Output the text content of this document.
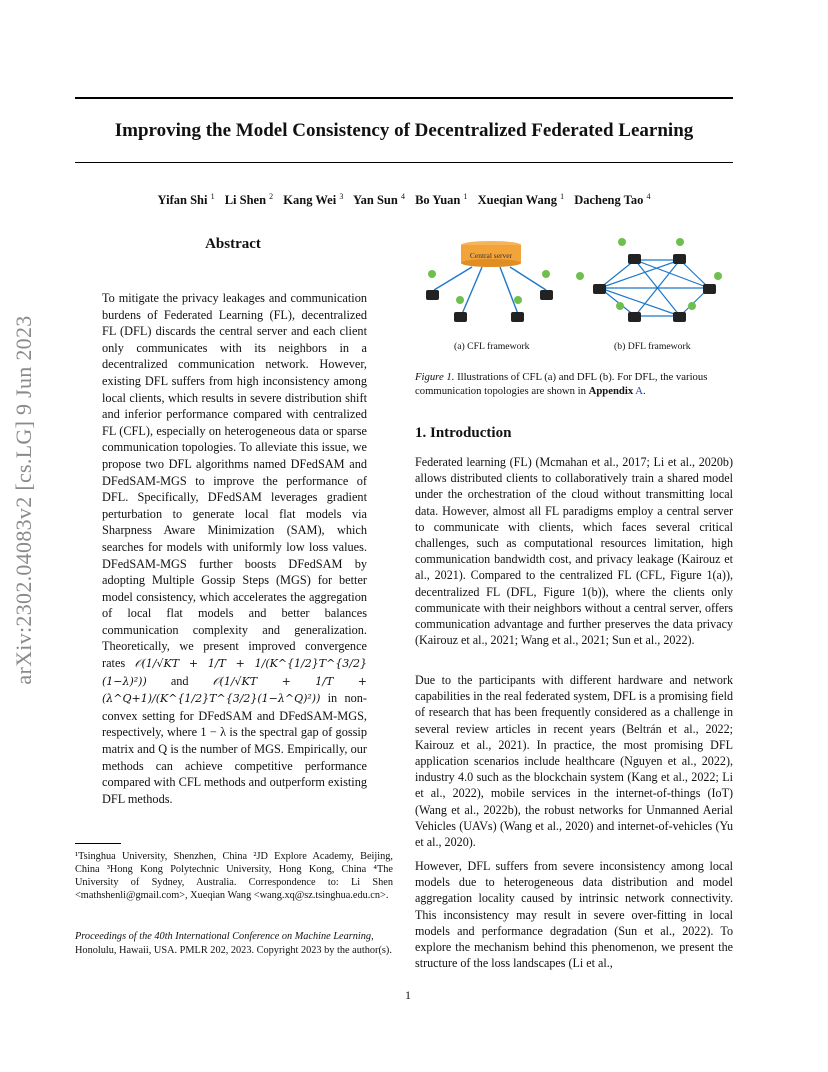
Improving the Model Consistency of Decentralized Federated Learning
Yifan Shi $^1$ Li Shen $^2$ Kang Wei $^3$ Yan Sun $^4$ Bo Yuan $^1$ Xueqian Wang $^1$ Dacheng Tao $^4$
arXiv:2302.04083v2 [cs.LG] 9 Jun 2023
Abstract
To mitigate the privacy leakages and communication burdens of Federated Learning (FL), decentralized FL (DFL) discards the central server and each client only communicates with its neighbors in a decentralized communication network. However, existing DFL suffers from high inconsistency among local clients, which results in severe distribution shift and inferior performance compared with centralized FL (CFL), especially on heterogeneous data or sparse communication topologies. To alleviate this issue, we propose two DFL algorithms named DFedSAM and DFedSAM-MGS to improve the performance of DFL. Specifically, DFedSAM leverages gradient perturbation to generate local flat models via Sharpness Aware Minimization (SAM), which searches for models with uniformly low loss values. DFedSAM-MGS further boosts DFedSAM by adopting Multiple Gossip Steps (MGS) for better model consistency, which accelerates the aggregation of local flat models and better balances communication complexity and generalization. Theoretically, we present improved convergence rates 𝒪(1/√KT + 1/T + 1/(K^{1/2}T^{3/2}(1−λ)²)) and 𝒪(1/√KT + 1/T + (λ^Q+1)/(K^{1/2}T^{3/2}(1−λ^Q)²)) in non-convex setting for DFedSAM and DFedSAM-MGS, respectively, where 1 − λ is the spectral gap of gossip matrix and Q is the number of MGS. Empirically, our methods can achieve competitive performance compared with CFL methods and outperform existing DFL methods.
¹Tsinghua University, Shenzhen, China ²JD Explore Academy, Beijing, China ³Hong Kong Polytechnic University, Hong Kong, China ⁴The University of Sydney, Australia. Correspondence to: Li Shen <mathshenli@gmail.com>, Xueqian Wang <wang.xq@sz.tsinghua.edu.cn>.
Proceedings of the 40th International Conference on Machine Learning, Honolulu, Hawaii, USA. PMLR 202, 2023. Copyright 2023 by the author(s).
Central server
(a) CFL framework	(b) DFL framework
Figure 1. Illustrations of CFL (a) and DFL (b). For DFL, the various communication topologies are shown in Appendix A.
1. Introduction
Federated learning (FL) (Mcmahan et al., 2017; Li et al., 2020b) allows distributed clients to collaboratively train a shared model under the orchestration of the cloud without transmitting local data. However, almost all FL paradigms employ a central server to communicate with clients, which faces several critical challenges, such as computational resources limitation, high communication bandwidth cost, and privacy leakage (Kairouz et al., 2021). Compared to the centralized FL (CFL, Figure 1(a)), decentralized FL (DFL, Figure 1(b)), where the clients only communicate with their neighbors without a central server, offers communication advantage and further preserves the data privacy (Kairouz et al., 2021; Wang et al., 2021; Sun et al., 2022).
Due to the participants with different hardware and network capabilities in the real federated system, DFL is a promising field of research that has been frequently considered as a challenge in several review articles in recent years (Beltrán et al., 2022; Kairouz et al., 2021). In practice, the most promising DFL application scenarios include healthcare (Nguyen et al., 2022), industry 4.0 such as the blockchain system (Kang et al., 2022; Li et al., 2022), mobile services in the internet-of-things (IoT) (Wang et al., 2022b), the robust networks for Unmanned Aerial Vehicles (UAVs) (Wang et al., 2020) and internet-of-vehicles (Yu et al., 2020).
However, DFL suffers from severe inconsistency among local models due to heterogeneous data distribution and model aggregation locality caused by intrinsic network connectivity. This inconsistency may result in severe over-fitting in local models and performance degradation (Sun et al., 2022). To explore the mechanism behind this phenomenon, we present the structure of the loss landscapes (Li et al.,
1
